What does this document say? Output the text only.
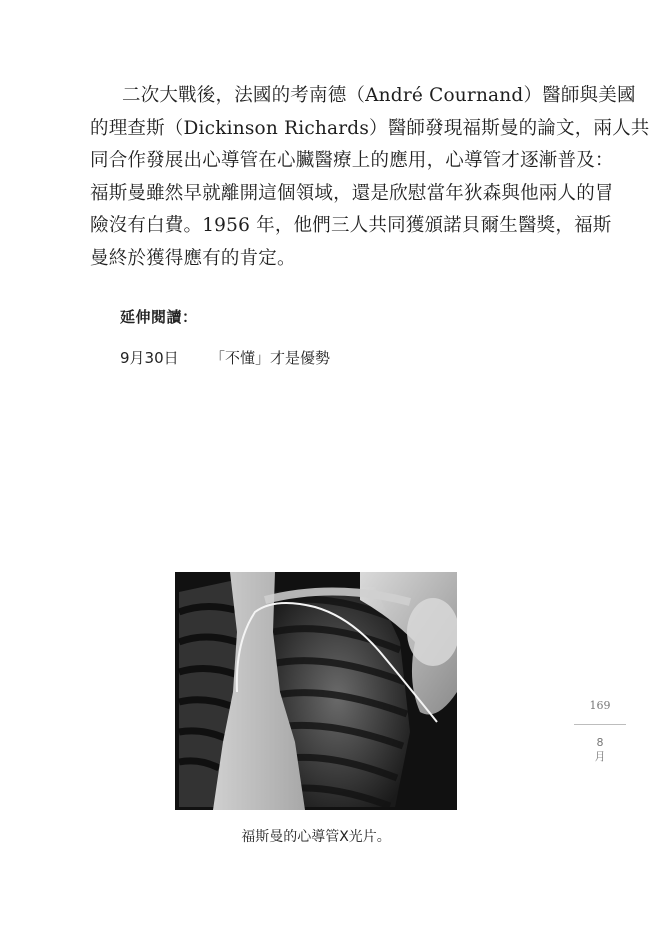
二次大戰後，法國的考南德（André Cournand）醫師與美國
的理查斯（Dickinson Richards）醫師發現福斯曼的論文，兩人共
同合作發展出心導管在心臟醫療上的應用，心導管才逐漸普及：
福斯曼雖然早就離開這個領域，還是欣慰當年狄森與他兩人的冒
險沒有白費。1956 年，他們三人共同獲頒諾貝爾生醫獎，福斯
曼終於獲得應有的肯定。
延伸閱讀：
9月30日 「不懂」才是優勢
福斯曼的心導管X光片。
169
8
月
